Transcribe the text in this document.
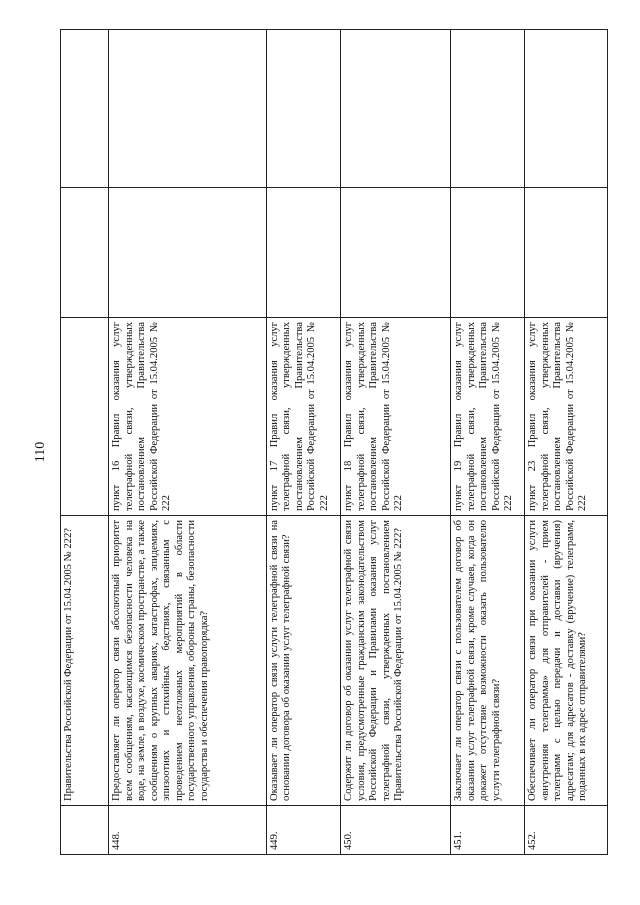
110
	Правительства Российской Федерации от 15.04.2005 № 222?			
448.	Предоставляет ли оператор связи абсолютный приоритет всем сообщениям, касающимся безопасности человека на воде, на земле, в воздухе, космическом пространстве, а также сообщениям о крупных авариях, катастрофах, эпидемиях, эпизоотиях и стихийных бедствиях, связанным с проведением неотложных мероприятий в области государственного управления, обороны страны, безопасности государства и обеспечения правопорядка?	пункт 16 Правил оказания услуг телеграфной связи, утвержденных постановлением Правительства Российской Федерации от 15.04.2005 № 222		
449.	Оказывает ли оператор связи услуги телеграфной связи на основании договора об оказании услуг телеграфной связи?	пункт 17 Правил оказания услуг телеграфной связи, утвержденных постановлением Правительства Российской Федерации от 15.04.2005 № 222		
450.	Содержит ли договор об оказании услуг телеграфной связи условия, предусмотренные гражданским законодательством Российской Федерации и Правилами оказания услуг телеграфной связи, утвержденных постановлением Правительства Российской Федерации от 15.04.2005 № 222?	пункт 18 Правил оказания услуг телеграфной связи, утвержденных постановлением Правительства Российской Федерации от 15.04.2005 № 222		
451.	Заключает ли оператор связи с пользователем договор об оказании услуг телеграфной связи, кроме случаев, когда он докажет отсутствие возможности оказать пользователю услуги телеграфной связи?	пункт 19 Правил оказания услуг телеграфной связи, утвержденных постановлением Правительства Российской Федерации от 15.04.2005 № 222		
452.	Обеспечивает ли оператор связи при оказании услуги «внутренняя телеграмма» для отправителей - прием телеграмм с целью передачи и доставки (вручения) адресатам; для адресатов - доставку (вручение) телеграмм, поданных в их адрес отправителями?	пункт 23 Правил оказания услуг телеграфной связи, утвержденных постановлением Правительства Российской Федерации от 15.04.2005 № 222		
